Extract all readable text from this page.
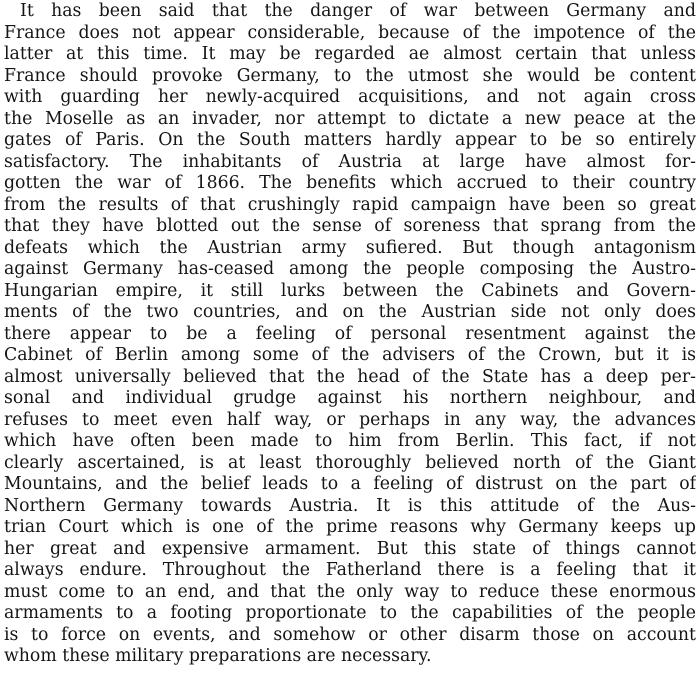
It has been said that the danger of war between Germany and
France does not appear considerable, because of the impotence of the
latter at this time. It may be regarded ae almost certain that unless
France should provoke Germany, to the utmost she would be content
with guarding her newly-acquired acquisitions, and not again cross
the Moselle as an invader, nor attempt to dictate a new peace at the
gates of Paris. On the South matters hardly appear to be so entirely
satisfactory. The inhabitants of Austria at large have almost for-
gotten the war of 1866. The benefits which accrued to their country
from the results of that crushingly rapid campaign have been so great
that they have blotted out the sense of soreness that sprang from the
defeats which the Austrian army sufiered. But though antagonism
against Germany has-ceased among the people composing the Austro-
Hungarian empire, it still lurks between the Cabinets and Govern-
ments of the two countries, and on the Austrian side not only does
there appear to be a feeling of personal resentment against the
Cabinet of Berlin among some of the advisers of the Crown, but it is
almost universally believed that the head of the State has a deep per-
sonal and individual grudge against his northern neighbour, and
refuses to meet even half way, or perhaps in any way, the advances
which have often been made to him from Berlin. This fact, if not
clearly ascertained, is at least thoroughly believed north of the Giant
Mountains, and the belief leads to a feeling of distrust on the part of
Northern Germany towards Austria. It is this attitude of the Aus-
trian Court which is one of the prime reasons why Germany keeps up
her great and expensive armament. But this state of things cannot
always endure. Throughout the Fatherland there is a feeling that it
must come to an end, and that the only way to reduce these enormous
armaments to a footing proportionate to the capabilities of the people
is to force on events, and somehow or other disarm those on account
whom these military preparations are necessary.
